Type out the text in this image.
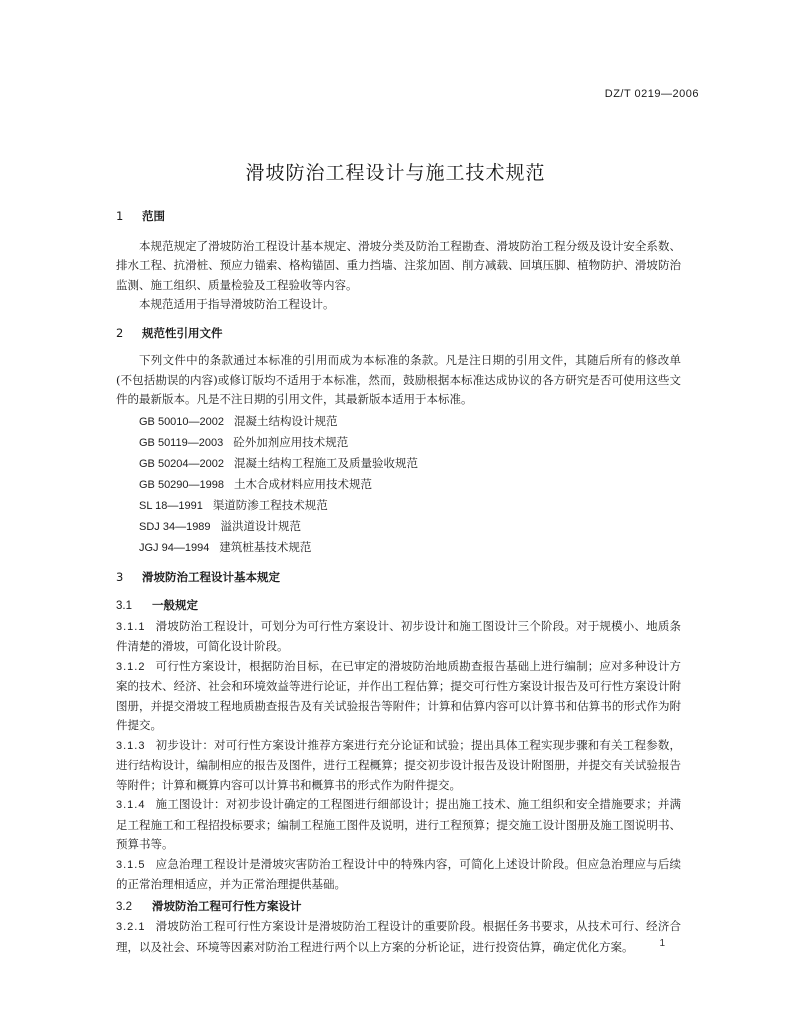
DZ/T 0219—2006
滑坡防治工程设计与施工技术规范
1 范围

本规范规定了滑坡防治工程设计基本规定、滑坡分类及防治工程勘查、滑坡防治工程分级及设计安全系数、排水工程、抗滑桩、预应力锚索、格构锚固、重力挡墙、注浆加固、削方减载、回填压脚、植物防护、滑坡防治监测、施工组织、质量检验及工程验收等内容。

本规范适用于指导滑坡防治工程设计。

2 规范性引用文件

下列文件中的条款通过本标准的引用而成为本标准的条款。凡是注日期的引用文件，其随后所有的修改单(不包括勘误的内容)或修订版均不适用于本标准，然而，鼓励根据本标准达成协议的各方研究是否可使用这些文件的最新版本。凡是不注日期的引用文件，其最新版本适用于本标准。

GB 50010—2002 混凝土结构设计规范
GB 50119—2003 砼外加剂应用技术规范
GB 50204—2002 混凝土结构工程施工及质量验收规范
GB 50290—1998 土木合成材料应用技术规范
SL 18—1991 渠道防渗工程技术规范
SDJ 34—1989 溢洪道设计规范
JGJ 94—1994 建筑桩基技术规范
3 滑坡防治工程设计基本规定
3.1 一般规定

3.1.1 滑坡防治工程设计，可划分为可行性方案设计、初步设计和施工图设计三个阶段。对于规模小、地质条件清楚的滑坡，可简化设计阶段。

3.1.2 可行性方案设计，根据防治目标，在已审定的滑坡防治地质勘查报告基础上进行编制；应对多种设计方案的技术、经济、社会和环境效益等进行论证，并作出工程估算；提交可行性方案设计报告及可行性方案设计附图册，并提交滑坡工程地质勘查报告及有关试验报告等附件；计算和估算内容可以计算书和估算书的形式作为附件提交。

3.1.3 初步设计：对可行性方案设计推荐方案进行充分论证和试验；提出具体工程实现步骤和有关工程参数，进行结构设计，编制相应的报告及图件，进行工程概算；提交初步设计报告及设计附图册，并提交有关试验报告等附件；计算和概算内容可以计算书和概算书的形式作为附件提交。

3.1.4 施工图设计：对初步设计确定的工程图进行细部设计；提出施工技术、施工组织和安全措施要求；并满足工程施工和工程招投标要求；编制工程施工图件及说明，进行工程预算；提交施工设计图册及施工图说明书、预算书等。

3.1.5 应急治理工程设计是滑坡灾害防治工程设计中的特殊内容，可简化上述设计阶段。但应急治理应与后续的正常治理相适应，并为正常治理提供基础。

3.2 滑坡防治工程可行性方案设计

3.2.1 滑坡防治工程可行性方案设计是滑坡防治工程设计的重要阶段。根据任务书要求，从技术可行、经济合理，以及社会、环境等因素对防治工程进行两个以上方案的分析论证，进行投资估算，确定优化方案。	1
